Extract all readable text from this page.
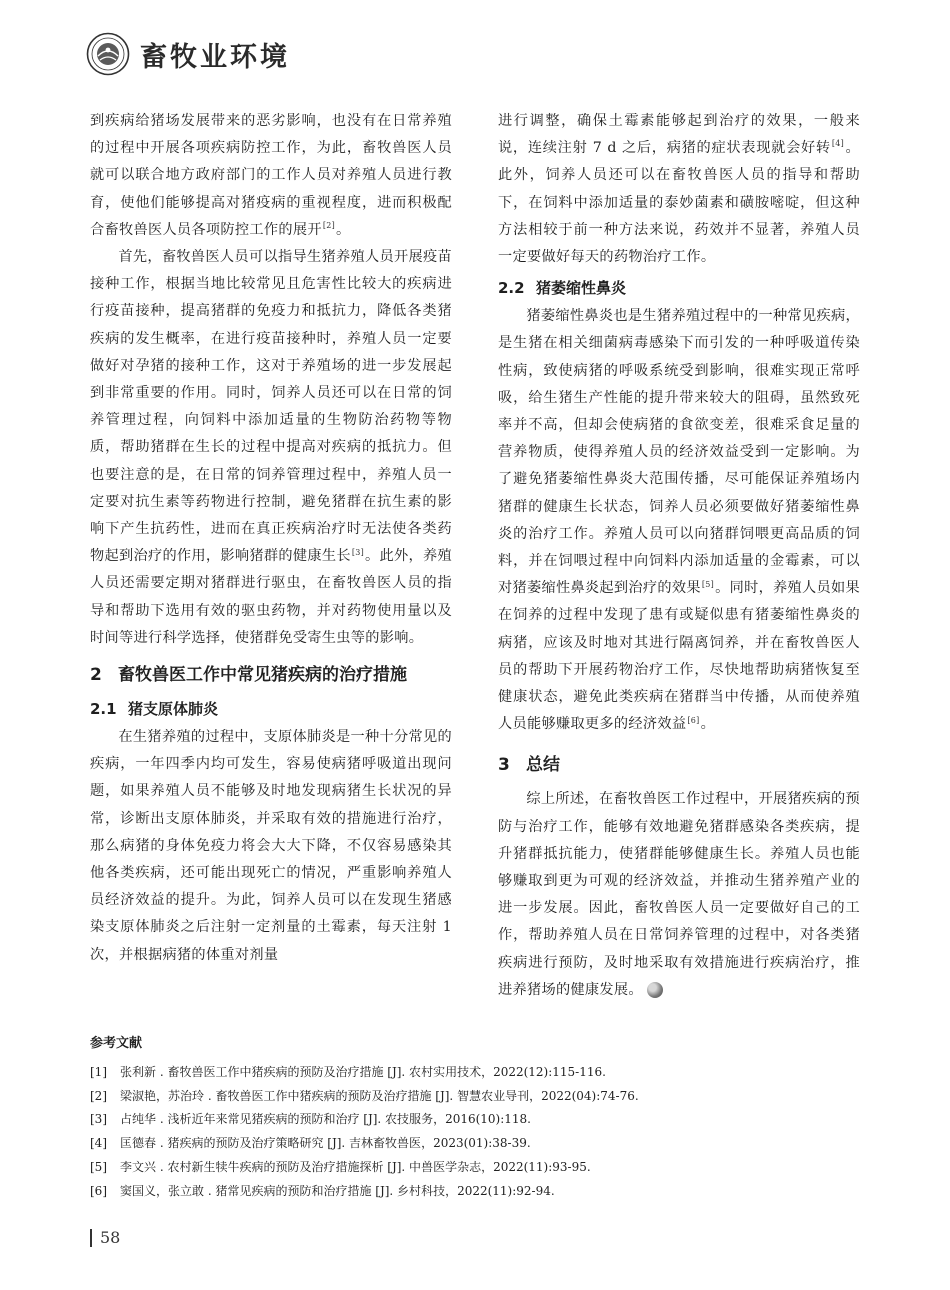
畜牧业环境

到疾病给猪场发展带来的恶劣影响，也没有在日常养殖的过程中开展各项疾病防控工作，为此，畜牧兽医人员就可以联合地方政府部门的工作人员对养殖人员进行教育，使他们能够提高对猪疫病的重视程度，进而积极配合畜牧兽医人员各项防控工作的展开[2]。

首先，畜牧兽医人员可以指导生猪养殖人员开展疫苗接种工作，根据当地比较常见且危害性比较大的疾病进行疫苗接种，提高猪群的免疫力和抵抗力，降低各类猪疾病的发生概率，在进行疫苗接种时，养殖人员一定要做好对孕猪的接种工作，这对于养殖场的进一步发展起到非常重要的作用。同时，饲养人员还可以在日常的饲养管理过程，向饲料中添加适量的生物防治药物等物质，帮助猪群在生长的过程中提高对疾病的抵抗力。但也要注意的是，在日常的饲养管理过程中，养殖人员一定要对抗生素等药物进行控制，避免猪群在抗生素的影响下产生抗药性，进而在真正疾病治疗时无法使各类药物起到治疗的作用，影响猪群的健康生长[3]。此外，养殖人员还需要定期对猪群进行驱虫，在畜牧兽医人员的指导和帮助下选用有效的驱虫药物，并对药物使用量以及时间等进行科学选择，使猪群免受寄生虫等的影响。

2 畜牧兽医工作中常见猪疾病的治疗措施
2.1 猪支原体肺炎

在生猪养殖的过程中，支原体肺炎是一种十分常见的疾病，一年四季内均可发生，容易使病猪呼吸道出现问题，如果养殖人员不能够及时地发现病猪生长状况的异常，诊断出支原体肺炎，并采取有效的措施进行治疗，那么病猪的身体免疫力将会大大下降，不仅容易感染其他各类疾病，还可能出现死亡的情况，严重影响养殖人员经济效益的提升。为此，饲养人员可以在发现生猪感染支原体肺炎之后注射一定剂量的土霉素，每天注射 1 次，并根据病猪的体重对剂量

进行调整，确保土霉素能够起到治疗的效果，一般来说，连续注射 7 d 之后，病猪的症状表现就会好转[4]。此外，饲养人员还可以在畜牧兽医人员的指导和帮助下，在饲料中添加适量的泰妙菌素和磺胺嘧啶，但这种方法相较于前一种方法来说，药效并不显著，养殖人员一定要做好每天的药物治疗工作。

2.2 猪萎缩性鼻炎

猪萎缩性鼻炎也是生猪养殖过程中的一种常见疾病，是生猪在相关细菌病毒感染下而引发的一种呼吸道传染性病，致使病猪的呼吸系统受到影响，很难实现正常呼吸，给生猪生产性能的提升带来较大的阻碍，虽然致死率并不高，但却会使病猪的食欲变差，很难采食足量的营养物质，使得养殖人员的经济效益受到一定影响。为了避免猪萎缩性鼻炎大范围传播，尽可能保证养殖场内猪群的健康生长状态，饲养人员必须要做好猪萎缩性鼻炎的治疗工作。养殖人员可以向猪群饲喂更高品质的饲料，并在饲喂过程中向饲料内添加适量的金霉素，可以对猪萎缩性鼻炎起到治疗的效果[5]。同时，养殖人员如果在饲养的过程中发现了患有或疑似患有猪萎缩性鼻炎的病猪，应该及时地对其进行隔离饲养，并在畜牧兽医人员的帮助下开展药物治疗工作，尽快地帮助病猪恢复至健康状态，避免此类疾病在猪群当中传播，从而使养殖人员能够赚取更多的经济效益[6]。

3 总结

综上所述，在畜牧兽医工作过程中，开展猪疾病的预防与治疗工作，能够有效地避免猪群感染各类疾病，提升猪群抵抗能力，使猪群能够健康生长。养殖人员也能够赚取到更为可观的经济效益，并推动生猪养殖产业的进一步发展。因此，畜牧兽医人员一定要做好自己的工作，帮助养殖人员在日常饲养管理的过程中，对各类猪疾病进行预防，及时地采取有效措施进行疾病治疗，推进养猪场的健康发展。

参考文献
[1]	张利新 . 畜牧兽医工作中猪疾病的预防及治疗措施 [J]. 农村实用技术，2022(12):115-116.
[2]	梁淑艳，苏治玲 . 畜牧兽医工作中猪疾病的预防及治疗措施 [J]. 智慧农业导刊，2022(04):74-76.
[3]	占纯华 . 浅析近年来常见猪疾病的预防和治疗 [J]. 农技服务，2016(10):118.
[4]	匡德春 . 猪疾病的预防及治疗策略研究 [J]. 吉林畜牧兽医，2023(01):38-39.
[5]	李文兴 . 农村新生犊牛疾病的预防及治疗措施探析 [J]. 中兽医学杂志，2022(11):93-95.
[6]	窦国义，张立敢 . 猪常见疾病的预防和治疗措施 [J]. 乡村科技，2022(11):92-94.
58
